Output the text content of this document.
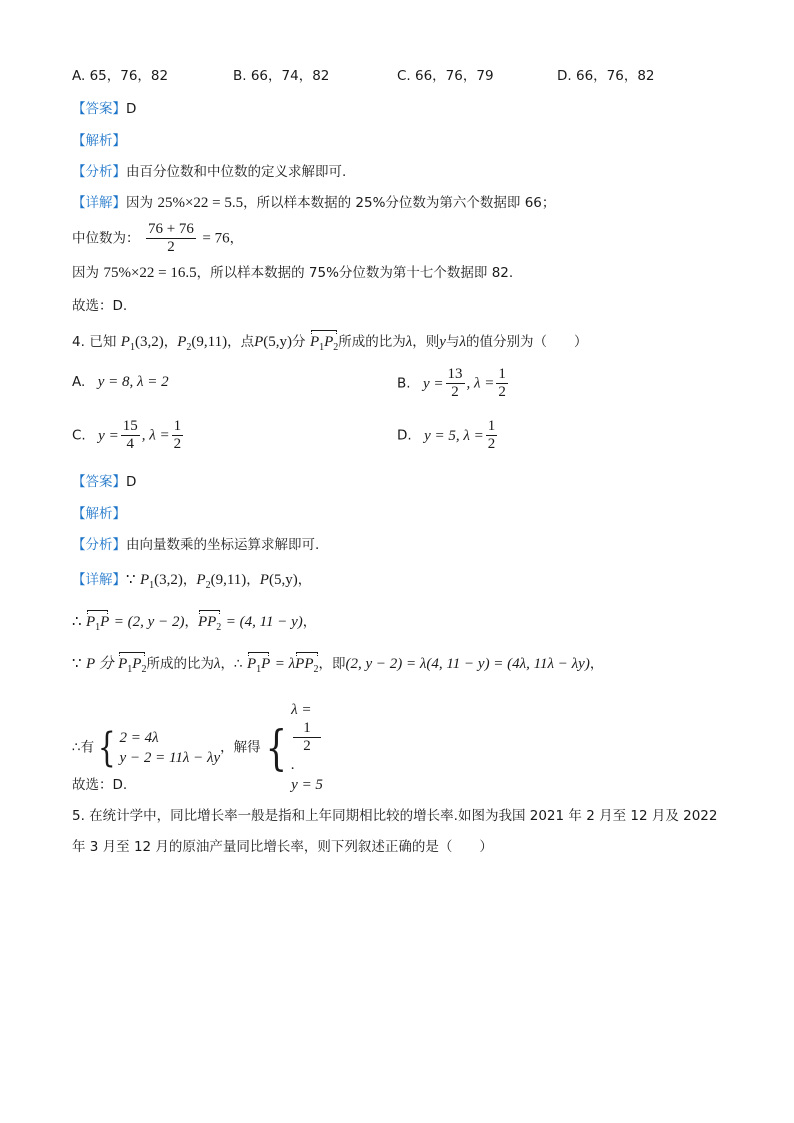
A. 65，76，82	B. 66，74，82	C. 66，76，79	D. 66，76，82
【答案】D
【解析】
【分析】由百分位数和中位数的定义求解即可.
【详解】因为 25%×22 = 5.5，所以样本数据的 25%分位数为第六个数据即 66；
中位数为： $\frac{76 + 76}{2} = 76$，
因为 75%×22 = 16.5，所以样本数据的 75%分位数为第十七个数据即 82.
故选：D.
4. 已知 $P_1(3,2)$，$P_2(9,11)$，点P(5,y)分 $P_1P_2$所成的比为λ，则y与λ的值分别为（　　）
A. y = 8, λ = 2	B. $y = \frac{13}{2}$ , $\lambda = \frac{1}{2}$
C. $y = \frac{15}{4}$ , $\lambda = \frac{1}{2}$	D. y = 5, $\lambda = \frac{1}{2}$
【答案】D
【解析】
【分析】由向量数乘的坐标运算求解即可.
【详解】∵ $P_1(3,2)$，$P_2(9,11)$，P(5,y)，
∴ $P_1P = (2$, y − 2)，$PP_2 = (4$, 11 − y)，
∵ P 分 $P_1P_2$所成的比为λ，∴ $P_1P = \lambda PP_2$，即(2, y − 2) = λ(4, 11 − y) = (4λ, 11λ − λy)，
∴有{ 2 = 4λ
y − 2 = 11λ − λy
，解得{
λ =
1
2
.
y = 5
故选：D.
5. 在统计学中，同比增长率一般是指和上年同期相比较的增长率.如图为我国 2021 年 2 月至 12 月及 2022
年 3 月至 12 月的原油产量同比增长率，则下列叙述正确的是（　　）
